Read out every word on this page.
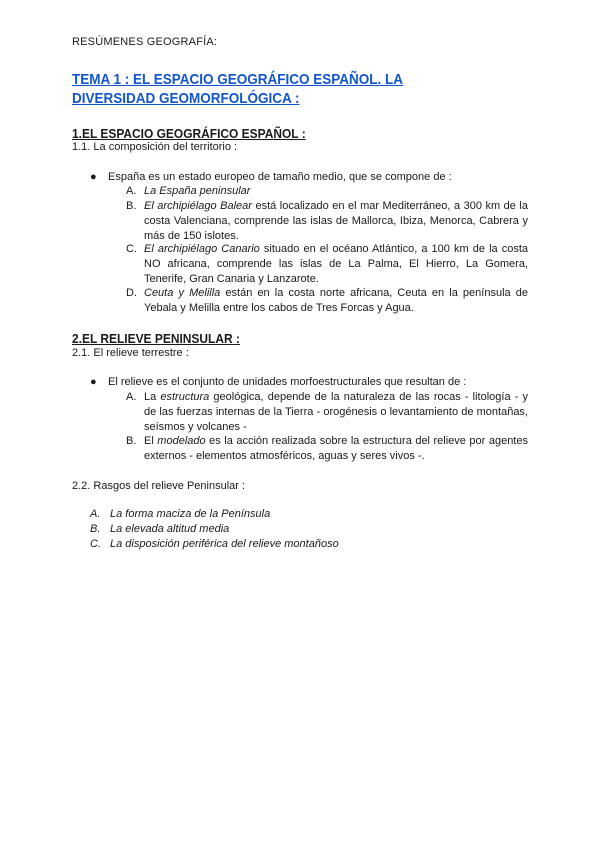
RESÚMENES GEOGRAFÍA:
TEMA 1 : EL ESPACIO GEOGRÁFICO ESPAÑOL. LA DIVERSIDAD GEOMORFOLÓGICA :
1.EL ESPACIO GEOGRÁFICO ESPAÑOL :
1.1. La composición del territorio :
● España es un estado europeo de tamaño medio, que se compone de :
A. La España peninsular
B. El archipiélago Balear está localizado en el mar Mediterráneo, a 300 km de la costa Valenciana, comprende las islas de Mallorca, Ibiza, Menorca, Cabrera y más de 150 islotes.
C. El archipiélago Canario situado en el océano Atlántico, a 100 km de la costa NO africana, comprende las islas de La Palma, El Hierro, La Gomera, Tenerife, Gran Canaria y Lanzarote.
D. Ceuta y Melilla están en la costa norte africana, Ceuta en la península de Yebala y Melilla entre los cabos de Tres Forcas y Agua.
2.EL RELIEVE PENINSULAR :
2.1. El relieve terrestre :
● El relieve es el conjunto de unidades morfoestructurales que resultan de :
A. La estructura geológica, depende de la naturaleza de las rocas - litología - y de las fuerzas internas de la Tierra - orogénesis o levantamiento de montañas, seísmos y volcanes -
B. El modelado es la acción realizada sobre la estructura del relieve por agentes externos - elementos atmosféricos, aguas y seres vivos -.
2.2. Rasgos del relieve Peninsular :
A. La forma maciza de la Península
B. La elevada altitud media
C. La disposición periférica del relieve montañoso
